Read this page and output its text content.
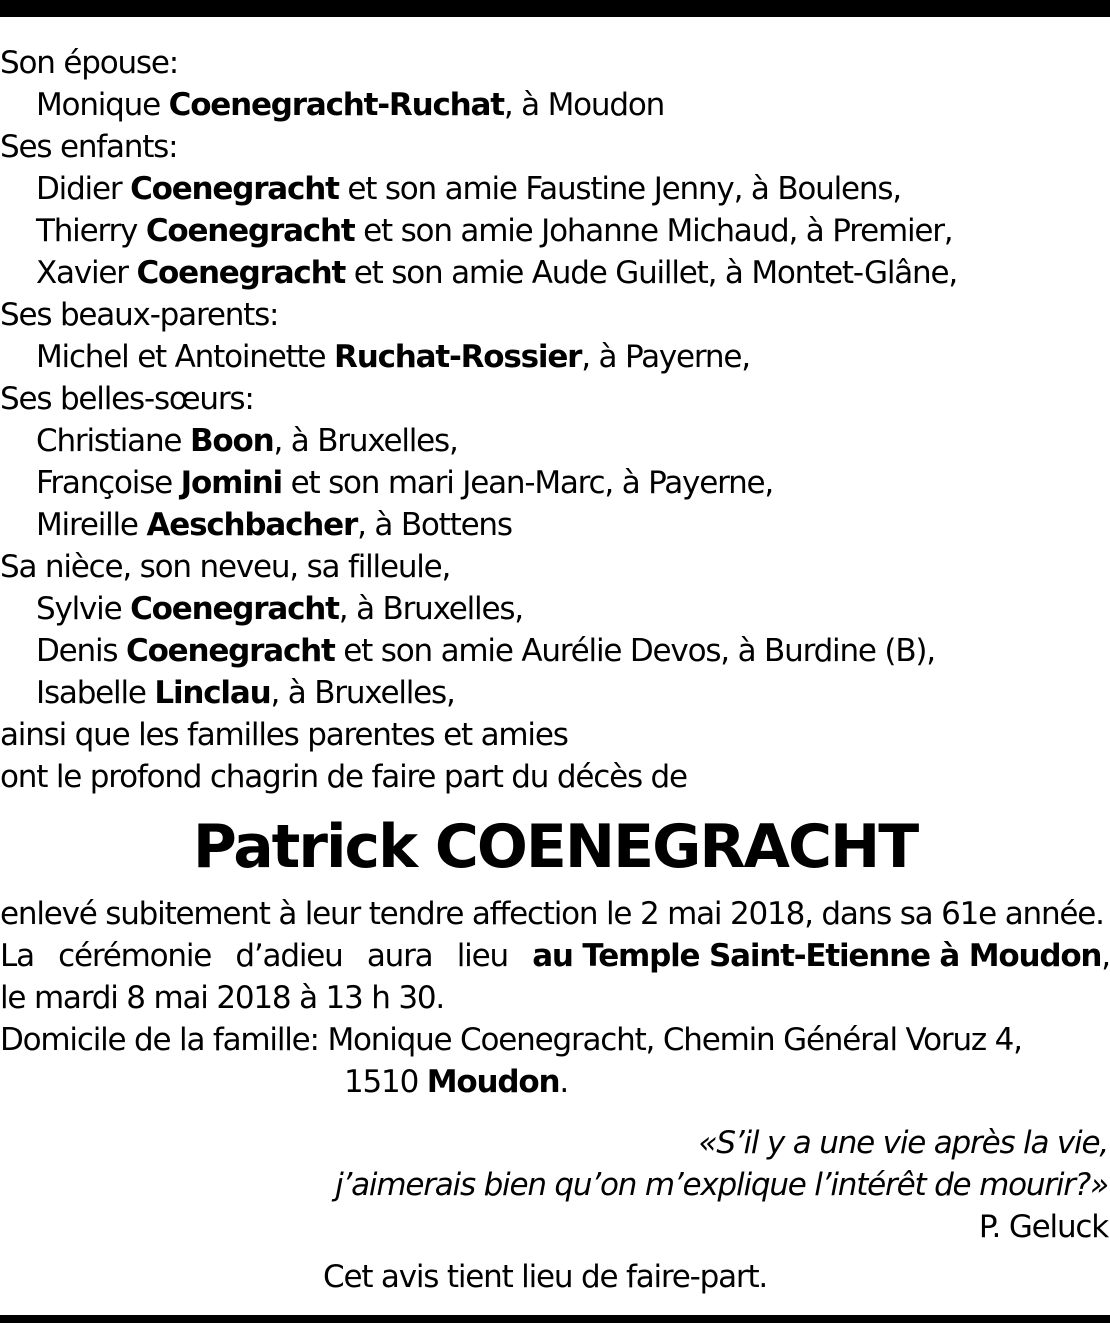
Son épouse:
Monique Coenegracht-Ruchat, à Moudon
Ses enfants:
Didier Coenegracht et son amie Faustine Jenny, à Boulens,
Thierry Coenegracht et son amie Johanne Michaud, à Premier,
Xavier Coenegracht et son amie Aude Guillet, à Montet-Glâne,
Ses beaux-parents:
Michel et Antoinette Ruchat-Rossier, à Payerne,
Ses belles-sœurs:
Christiane Boon, à Bruxelles,
Françoise Jomini et son mari Jean-Marc, à Payerne,
Mireille Aeschbacher, à Bottens
Sa nièce, son neveu, sa filleule,
Sylvie Coenegracht, à Bruxelles,
Denis Coenegracht et son amie Aurélie Devos, à Burdine (B),
Isabelle Linclau, à Bruxelles,
ainsi que les familles parentes et amies
ont le profond chagrin de faire part du décès de
Patrick COENEGRACHT
enlevé subitement à leur tendre affection le 2 mai 2018, dans sa 61e année.
La cérémonie d’adieu aura lieu au Temple Saint-Etienne à Moudon,
le mardi 8 mai 2018 à 13 h 30.
Domicile de la famille: Monique Coenegracht, Chemin Général Voruz 4,
1510 Moudon.
«S’il y a une vie après la vie,
j’aimerais bien qu’on m’explique l’intérêt de mourir?»
P. Geluck
Cet avis tient lieu de faire-part.
